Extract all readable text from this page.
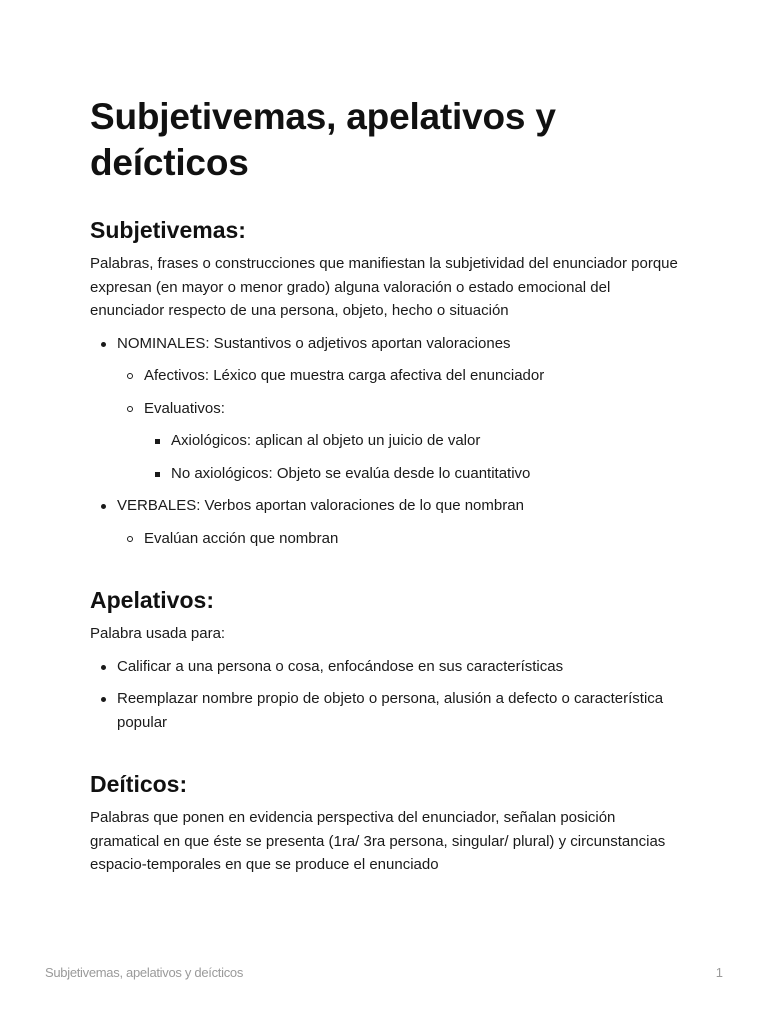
Subjetivemas, apelativos y deícticos
Subjetivemas:

Palabras, frases o construcciones que manifiestan la subjetividad del enunciador porque expresan (en mayor o menor grado) alguna valoración o estado emocional del enunciador respecto de una persona, objeto, hecho o situación

NOMINALES: Sustantivos o adjetivos aportan valoraciones
Afectivos: Léxico que muestra carga afectiva del enunciador
Evaluativos:
Axiológicos: aplican al objeto un juicio de valor
No axiológicos: Objeto se evalúa desde lo cuantitativo
VERBALES: Verbos aportan valoraciones de lo que nombran
Evalúan acción que nombran
Apelativos:

Palabra usada para:

Calificar a una persona o cosa, enfocándose en sus características
Reemplazar nombre propio de objeto o persona, alusión a defecto o característica popular
Deíticos:

Palabras que ponen en evidencia perspectiva del enunciador, señalan posición gramatical en que éste se presenta (1ra/ 3ra persona, singular/ plural) y circunstancias espacio-temporales en que se produce el enunciado

Subjetivemas, apelativos y deícticos	1
